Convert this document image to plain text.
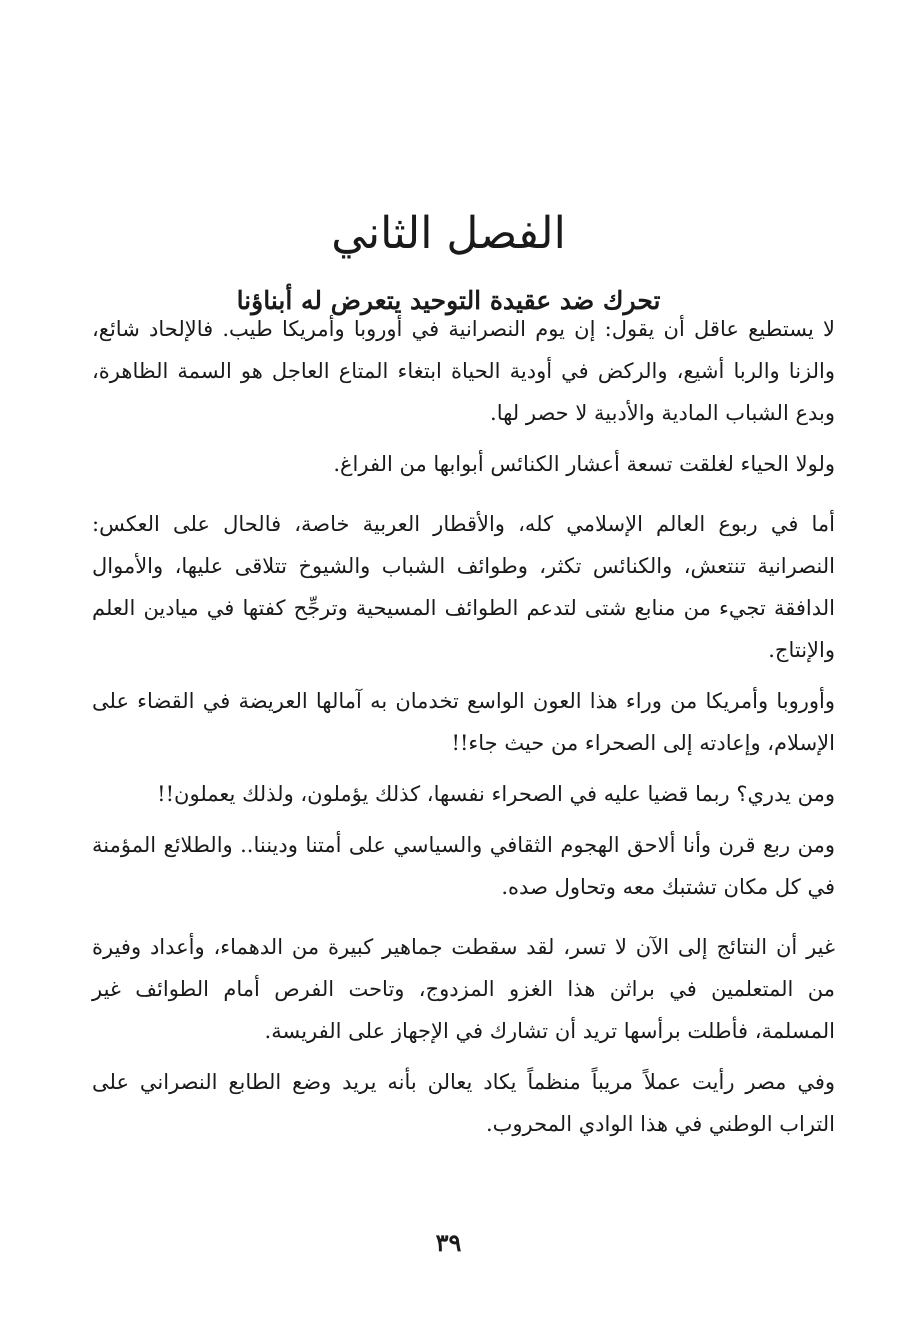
الفصل الثاني
تحرك ضد عقيدة التوحيد يتعرض له أبناؤنا

لا يستطيع عاقل أن يقول: إن يوم النصرانية في أوروبا وأمريكا طيب. فالإلحاد شائع، والزنا والربا أشيع، والركض في أودية الحياة ابتغاء المتاع العاجل هو السمة الظاهرة، وبدع الشباب المادية والأدبية لا حصر لها.

ولولا الحياء لغلقت تسعة أعشار الكنائس أبوابها من الفراغ.

أما في ربوع العالم الإسلامي كله، والأقطار العربية خاصة، فالحال على العكس: النصرانية تنتعش، والكنائس تكثر، وطوائف الشباب والشيوخ تتلاقى عليها، والأموال الدافقة تجيء من منابع شتى لتدعم الطوائف المسيحية وترجِّح كفتها في ميادين العلم والإنتاج.

وأوروبا وأمريكا من وراء هذا العون الواسع تخدمان به آمالها العريضة في القضاء على الإسلام، وإعادته إلى الصحراء من حيث جاء!!

ومن يدري؟ ربما قضيا عليه في الصحراء نفسها، كذلك يؤملون، ولذلك يعملون!!

ومن ربع قرن وأنا ألاحق الهجوم الثقافي والسياسي على أمتنا وديننا.. والطلائع المؤمنة في كل مكان تشتبك معه وتحاول صده.

غير أن النتائج إلى الآن لا تسر، لقد سقطت جماهير كبيرة من الدهماء، وأعداد وفيرة من المتعلمين في براثن هذا الغزو المزدوج، وتاحت الفرص أمام الطوائف غير المسلمة، فأطلت برأسها تريد أن تشارك في الإجهاز على الفريسة.

وفي مصر رأيت عملاً مريباً منظماً يكاد يعالن بأنه يريد وضع الطابع النصراني على التراب الوطني في هذا الوادي المحروب.

٣٩
